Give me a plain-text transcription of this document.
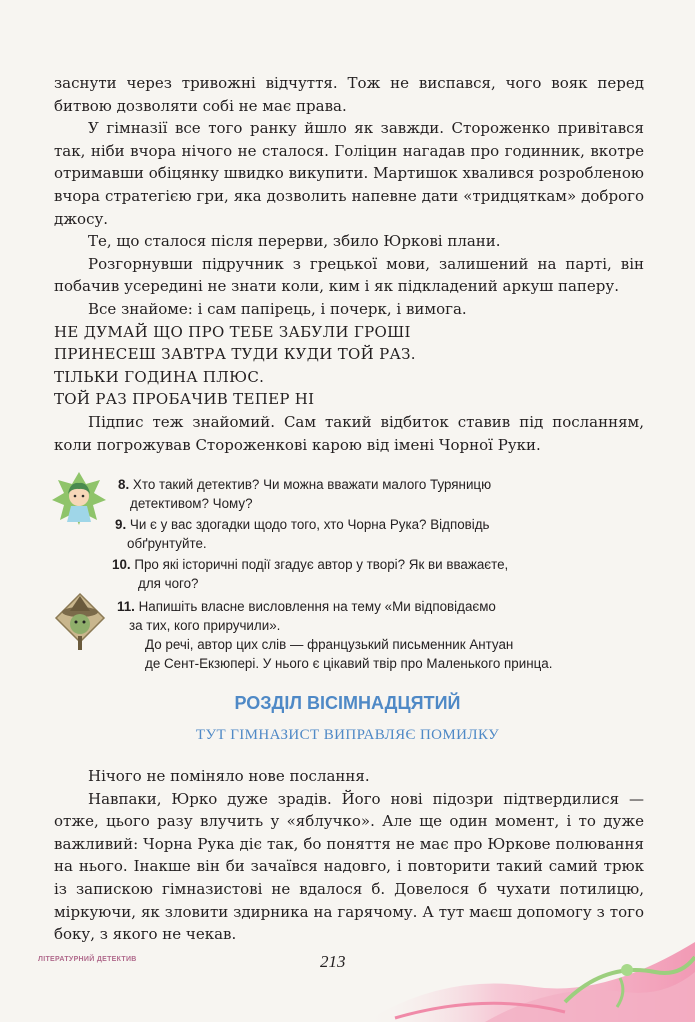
заснути через тривожні відчуття. Тож не виспався, чого вояк перед битвою дозволяти собі не має права.

У гімназії все того ранку йшло як завжди. Стороженко привітався так, ніби вчора нічого не сталося. Голіцин нагадав про годинник, вкотре отримавши обіцянку швидко викупити. Мартишок хвалився розробленою вчора стратегією гри, яка дозволить напевне дати «тридцяткам» доброго джосу.

Те, що сталося після перерви, збило Юркові плани.

Розгорнувши підручник з грецької мови, залишений на парті, він побачив усередині не знати коли, ким і як підкладений аркуш паперу.

Все знайоме: і сам папірець, і почерк, і вимога.

НЕ ДУМАЙ ЩО ПРО ТЕБЕ ЗАБУЛИ ГРОШІ

ПРИНЕСЕШ ЗАВТРА ТУДИ КУДИ ТОЙ РАЗ.

ТІЛЬКИ ГОДИНА ПЛЮС.

ТОЙ РАЗ ПРОБАЧИВ ТЕПЕР НІ

Підпис теж знайомий. Сам такий відбиток ставив під посланням, коли погрожував Стороженкові карою від імені Чорної Руки.

8. Хто такий детектив? Чи можна вважати малого Туряницю
детективом? Чому?
9. Чи є у вас здогадки щодо того, хто Чорна Рука? Відповідь
обґрунтуйте.
10. Про які історичні події згадує автор у творі? Як ви вважаєте,
для чого?
11. Напишіть власне висловлення на тему «Ми відповідаємо
за тих, кого приручили».
До речі, автор цих слів — французький письменник Антуан
де Сент-Екзюпері. У нього є цікавий твір про Маленького принца.
РОЗДІЛ ВІСІМНАДЦЯТИЙ
ТУТ ГІМНАЗИСТ ВИПРАВЛЯЄ ПОМИЛКУ

Нічого не поміняло нове послання.

Навпаки, Юрко дуже зрадів. Його нові підозри підтвердилися — отже, цього разу влучить у «яблучко». Але ще один момент, і то дуже важливий: Чорна Рука діє так, бо поняття не має про Юркове полювання на нього. Інакше він би зачаївся надовго, і повторити такий самий трюк із запискою гімназистові не вдалося б. Довелося б чухати потилицю, міркуючи, як зловити здирника на гарячому. А тут маєш допомогу з того боку, з якого не чекав.

ЛІТЕРАТУРНИЙ ДЕТЕКТИВ	213
